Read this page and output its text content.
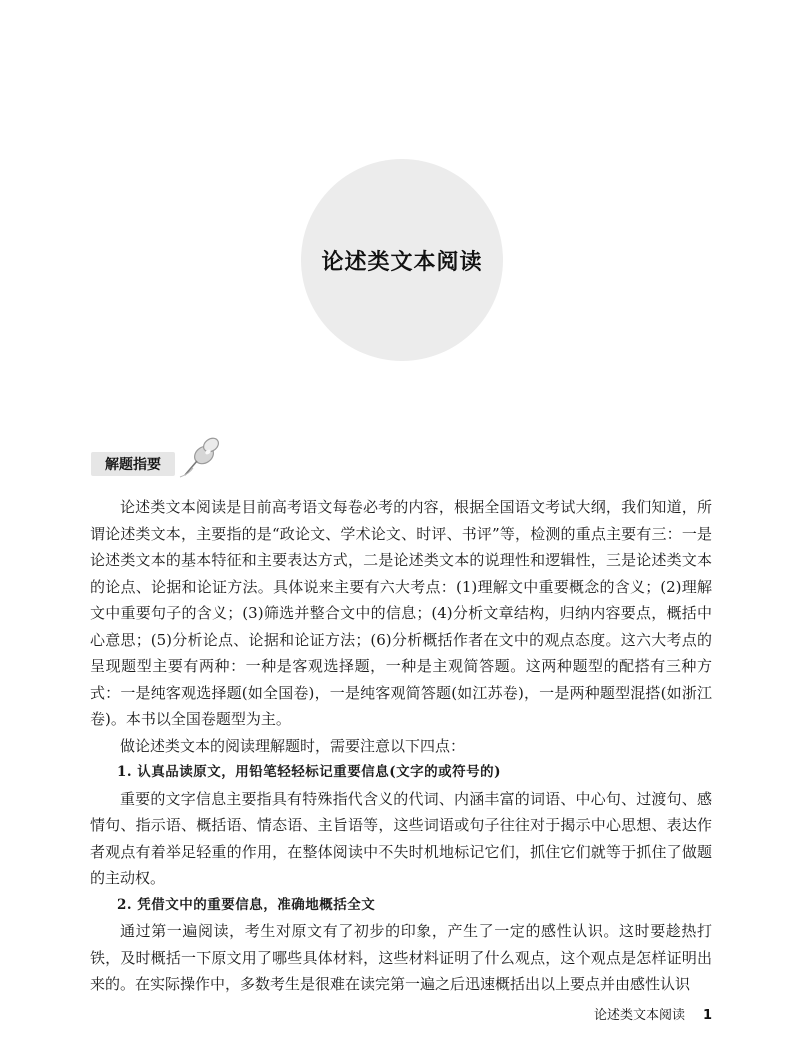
论述类文本阅读
解题指要

论述类文本阅读是目前高考语文每卷必考的内容，根据全国语文考试大纲，我们知道，所谓论述类文本，主要指的是“政论文、学术论文、时评、书评”等，检测的重点主要有三：一是论述类文本的基本特征和主要表达方式，二是论述类文本的说理性和逻辑性，三是论述类文本的论点、论据和论证方法。具体说来主要有六大考点：(1)理解文中重要概念的含义；(2)理解文中重要句子的含义；(3)筛选并整合文中的信息；(4)分析文章结构，归纳内容要点，概括中心意思；(5)分析论点、论据和论证方法；(6)分析概括作者在文中的观点态度。这六大考点的呈现题型主要有两种：一种是客观选择题，一种是主观简答题。这两种题型的配搭有三种方式：一是纯客观选择题(如全国卷)，一是纯客观简答题(如江苏卷)，一是两种题型混搭(如浙江卷)。本书以全国卷题型为主。

做论述类文本的阅读理解题时，需要注意以下四点：

1. 认真品读原文，用铅笔轻轻标记重要信息(文字的或符号的)

重要的文字信息主要指具有特殊指代含义的代词、内涵丰富的词语、中心句、过渡句、感情句、指示语、概括语、情态语、主旨语等，这些词语或句子往往对于揭示中心思想、表达作者观点有着举足轻重的作用，在整体阅读中不失时机地标记它们，抓住它们就等于抓住了做题的主动权。

2. 凭借文中的重要信息，准确地概括全文

通过第一遍阅读，考生对原文有了初步的印象，产生了一定的感性认识。这时要趁热打铁，及时概括一下原文用了哪些具体材料，这些材料证明了什么观点，这个观点是怎样证明出来的。在实际操作中，多数考生是很难在读完第一遍之后迅速概括出以上要点并由感性认识

论述类文本阅读 1
